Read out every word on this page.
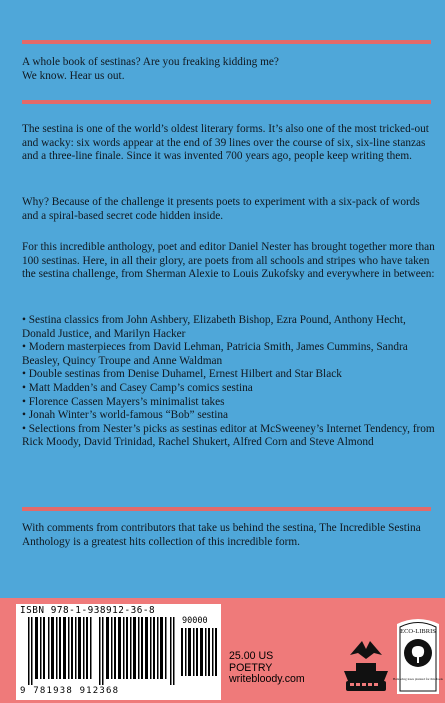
A whole book of sestinas? Are you freaking kidding me?
We know. Hear us out.

The sestina is one of the world’s oldest literary forms. It’s also one of the most tricked-out and wacky: six words appear at the end of 39 lines over the course of six, six-line stanzas and a three-line finale. Since it was invented 700 years ago, people keep writing them.

Why? Because of the challenge it presents poets to experiment with a six-pack of words and a spiral-based secret code hidden inside.

For this incredible anthology, poet and editor Daniel Nester has brought together more than 100 sestinas. Here, in all their glory, are poets from all schools and stripes who have taken the sestina challenge, from Sherman Alexie to Louis Zukofsky and everywhere in between:

• Sestina classics from John Ashbery, Elizabeth Bishop, Ezra Pound, Anthony Hecht, Donald Justice, and Marilyn Hacker
• Modern masterpieces from David Lehman, Patricia Smith, James Cummins, Sandra Beasley, Quincy Troupe and Anne Waldman
• Double sestinas from Denise Duhamel, Ernest Hilbert and Star Black
• Matt Madden’s and Casey Camp’s comics sestina
• Florence Cassen Mayers’s minimalist takes
• Jonah Winter’s world-famous “Bob” sestina
• Selections from Nester’s picks as sestinas editor at McSweeney’s Internet Tendency, from Rick Moody, David Trinidad, Rachel Shukert, Alfred Corn and Steve Almond

With comments from contributors that take us behind the sestina, The Incredible Sestina Anthology is a greatest hits collection of this incredible form.

ISBN 978-1-938912-36-8
90000
9 781938 912368
25.00 US
POETRY
writebloody.com
ECO-LIBRIS
Balancing trees planted for this book
